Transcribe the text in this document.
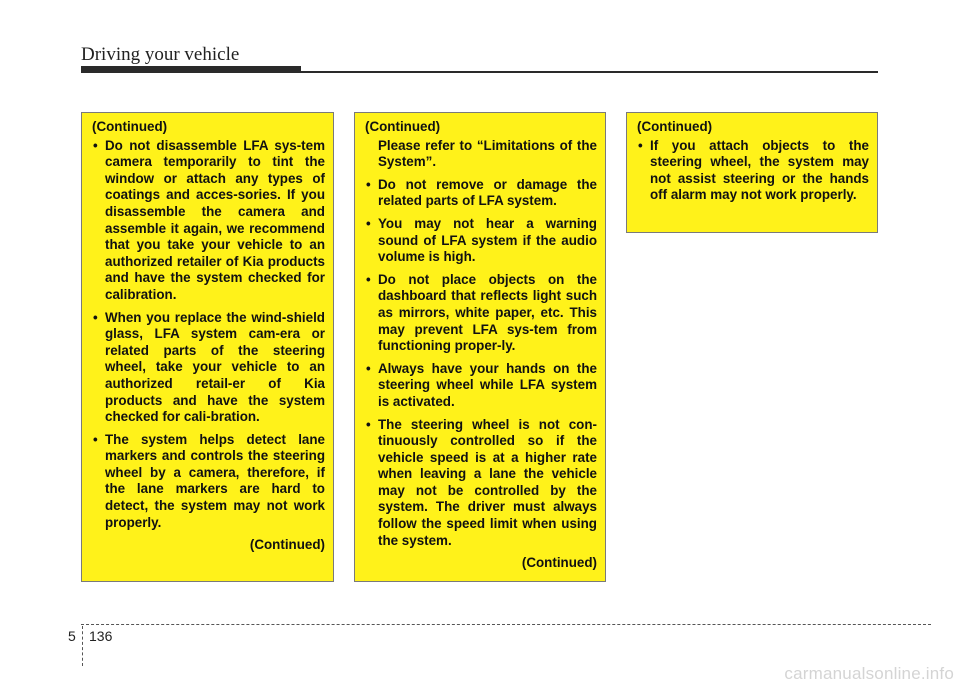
Driving your vehicle
(Continued)
• Do not disassemble LFA sys-tem camera temporarily to tint the window or attach any types of coatings and acces-sories. If you disassemble the camera and assemble it again, we recommend that you take your vehicle to an authorized retailer of Kia products and have the system checked for calibration.
• When you replace the wind-shield glass, LFA system cam-era or related parts of the steering wheel, take your vehicle to an authorized retail-er of Kia products and have the system checked for cali-bration.
• The system helps detect lane markers and controls the steering wheel by a camera, therefore, if the lane markers are hard to detect, the system may not work properly.
(Continued)
(Continued)
Please refer to “Limitations of the System”.
• Do not remove or damage the related parts of LFA system.
• You may not hear a warning sound of LFA system if the audio volume is high.
• Do not place objects on the dashboard that reflects light such as mirrors, white paper, etc. This may prevent LFA sys-tem from functioning proper-ly.
• Always have your hands on the steering wheel while LFA system is activated.
• The steering wheel is not con-tinuously controlled so if the vehicle speed is at a higher rate when leaving a lane the vehicle may not be controlled by the system. The driver must always follow the speed limit when using the system.
(Continued)
(Continued)
• If you attach objects to the steering wheel, the system may not assist steering or the hands off alarm may not work properly.
5 136
carmanualsonline.info
